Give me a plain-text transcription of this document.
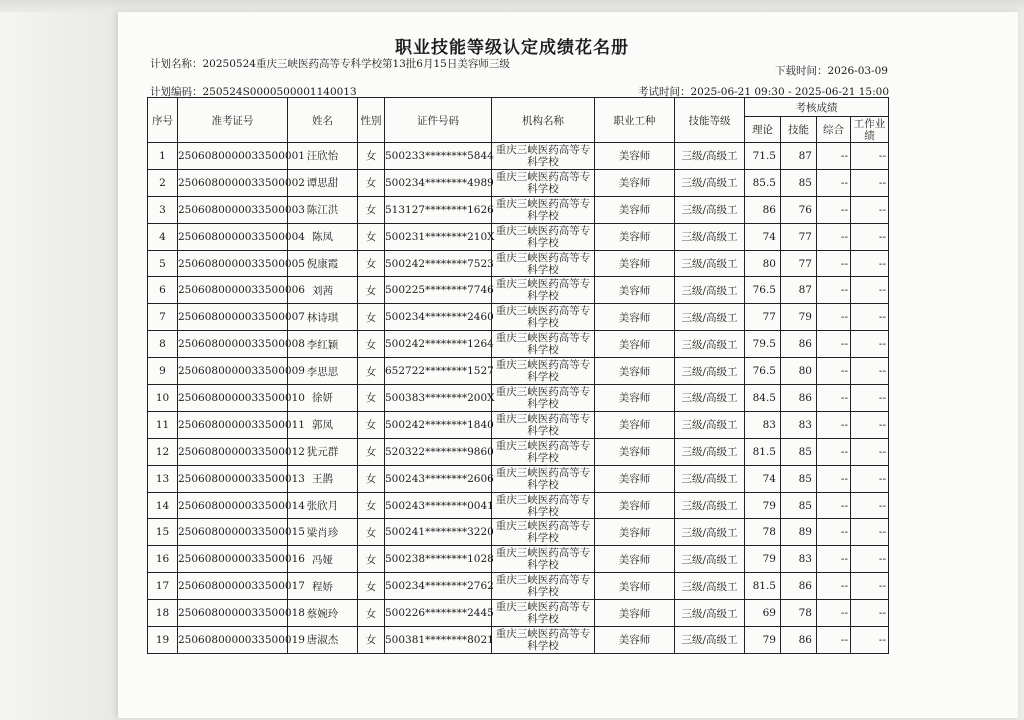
职业技能等级认定成绩花名册
计划名称：20250524重庆三峡医药高等专科学校第13批6月15日美容师三级
下载时间：2026-03-09
计划编码：250524S000050000114001З	考试时间：2025-06-21 09:30 - 2025-06-21 15:00
序号	准考证号	姓名	性别	证件号码	机构名称	职业工种	技能等级	考核成绩			
								理论	技能	综合	工作业绩
1	2506080000033500001	汪欣怡	女	500233********5844	重庆三峡医药高等专科学校	美容师	三级/高级工	71.5	87	--	--
2	2506080000033500002	谭思甜	女	500234********4989	重庆三峡医药高等专科学校	美容师	三级/高级工	85.5	85	--	--
3	2506080000033500003	陈江洪	女	513127********1626	重庆三峡医药高等专科学校	美容师	三级/高级工	86	76	--	--
4	2506080000033500004	陈凤	女	500231********210X	重庆三峡医药高等专科学校	美容师	三级/高级工	74	77	--	--
5	2506080000033500005	倪康霞	女	500242********7523	重庆三峡医药高等专科学校	美容师	三级/高级工	80	77	--	--
6	2506080000033500006	刘茜	女	500225********7746	重庆三峡医药高等专科学校	美容师	三级/高级工	76.5	87	--	--
7	2506080000033500007	林诗琪	女	500234********2460	重庆三峡医药高等专科学校	美容师	三级/高级工	77	79	--	--
8	2506080000033500008	李红颖	女	500242********1264	重庆三峡医药高等专科学校	美容师	三级/高级工	79.5	86	--	--
9	2506080000033500009	李思思	女	652722********1527	重庆三峡医药高等专科学校	美容师	三级/高级工	76.5	80	--	--
10	2506080000033500010	徐妍	女	500383********200X	重庆三峡医药高等专科学校	美容师	三级/高级工	84.5	86	--	--
11	2506080000033500011	郭凤	女	500242********1840	重庆三峡医药高等专科学校	美容师	三级/高级工	83	83	--	--
12	2506080000033500012	犹元群	女	520322********9860	重庆三峡医药高等专科学校	美容师	三级/高级工	81.5	85	--	--
13	2506080000033500013	王鹊	女	500243********2606	重庆三峡医药高等专科学校	美容师	三级/高级工	74	85	--	--
14	2506080000033500014	张欣月	女	500243********0041	重庆三峡医药高等专科学校	美容师	三级/高级工	79	85	--	--
15	2506080000033500015	梁肖珍	女	500241********3220	重庆三峡医药高等专科学校	美容师	三级/高级工	78	89	--	--
16	2506080000033500016	冯娅	女	500238********1028	重庆三峡医药高等专科学校	美容师	三级/高级工	79	83	--	--
17	2506080000033500017	程娇	女	500234********2762	重庆三峡医药高等专科学校	美容师	三级/高级工	81.5	86	--	--
18	2506080000033500018	蔡婉玲	女	500226********2445	重庆三峡医药高等专科学校	美容师	三级/高级工	69	78	--	--
19	2506080000033500019	唐淑杰	女	500381********8021	重庆三峡医药高等专科学校	美容师	三级/高级工	79	86	--	--
